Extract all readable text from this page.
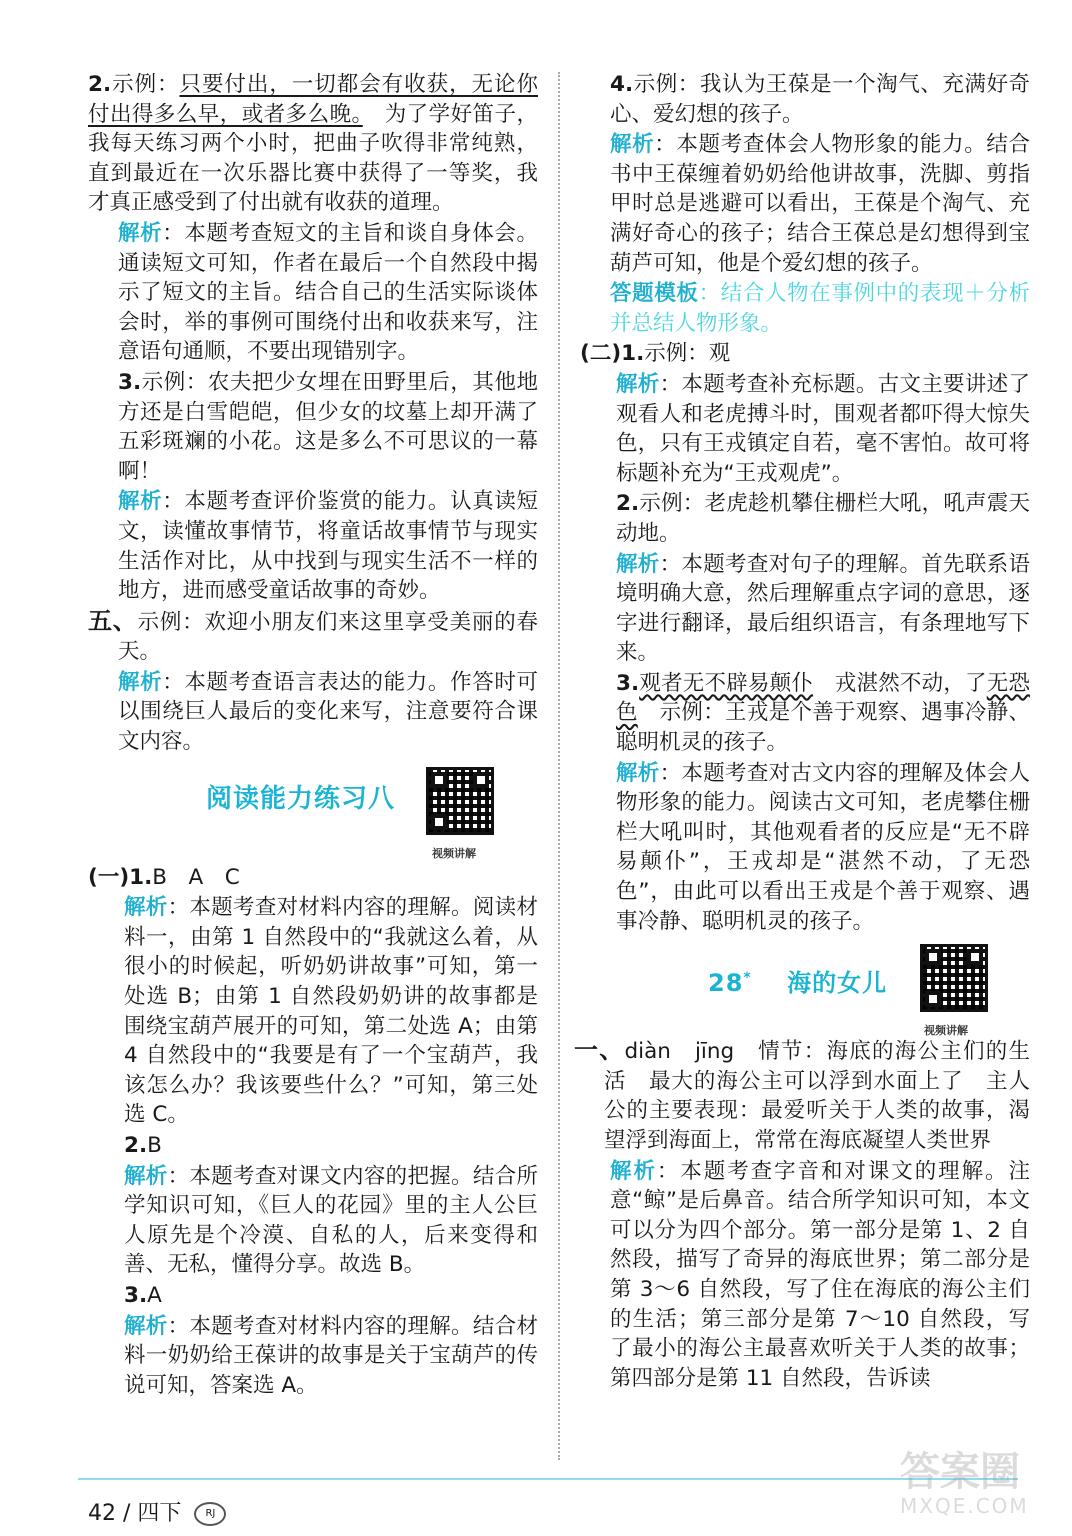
2.示例：只要付出，一切都会有收获，无论你付出得多么早，或者多么晚。　为了学好笛子，我每天练习两个小时，把曲子吹得非常纯熟，直到最近在一次乐器比赛中获得了一等奖，我才真正感受到了付出就有收获的道理。

解析：本题考查短文的主旨和谈自身体会。通读短文可知，作者在最后一个自然段中揭示了短文的主旨。结合自己的生活实际谈体会时，举的事例可围绕付出和收获来写，注意语句通顺，不要出现错别字。

3.示例：农夫把少女埋在田野里后，其他地方还是白雪皑皑，但少女的坟墓上却开满了五彩斑斓的小花。这是多么不可思议的一幕啊！

解析：本题考查评价鉴赏的能力。认真读短文，读懂故事情节，将童话故事情节与现实生活作对比，从中找到与现实生活不一样的地方，进而感受童话故事的奇妙。

五、示例：欢迎小朋友们来这里享受美丽的春天。

解析：本题考查语言表达的能力。作答时可以围绕巨人最后的变化来写，注意要符合课文内容。

阅读能力练习八
视频讲解

(一)1.B　A　C

解析：本题考查对材料内容的理解。阅读材料一，由第 1 自然段中的“我就这么着，从很小的时候起，听奶奶讲故事”可知，第一处选 B；由第 1 自然段奶奶讲的故事都是围绕宝葫芦展开的可知，第二处选 A；由第 4 自然段中的“我要是有了一个宝葫芦，我该怎么办？我该要些什么？”可知，第三处选 C。

2.B

解析：本题考查对课文内容的把握。结合所学知识可知，《巨人的花园》里的主人公巨人原先是个冷漠、自私的人，后来变得和善、无私，懂得分享。故选 B。

3.A

解析：本题考查对材料内容的理解。结合材料一奶奶给王葆讲的故事是关于宝葫芦的传说可知，答案选 A。

4.示例：我认为王葆是一个淘气、充满好奇心、爱幻想的孩子。

解析：本题考查体会人物形象的能力。结合书中王葆缠着奶奶给他讲故事，洗脚、剪指甲时总是逃避可以看出，王葆是个淘气、充满好奇心的孩子；结合王葆总是幻想得到宝葫芦可知，他是个爱幻想的孩子。

答题模板：结合人物在事例中的表现＋分析并总结人物形象。

(二)1.示例：观

解析：本题考查补充标题。古文主要讲述了观看人和老虎搏斗时，围观者都吓得大惊失色，只有王戎镇定自若，毫不害怕。故可将标题补充为“王戎观虎”。

2.示例：老虎趁机攀住栅栏大吼，吼声震天动地。

解析：本题考查对句子的理解。首先联系语境明确大意，然后理解重点字词的意思，逐字进行翻译，最后组织语言，有条理地写下来。

3.观者无不辟易颠仆　戎湛然不动，了无恐色　示例：王戎是个善于观察、遇事冷静、聪明机灵的孩子。

解析：本题考查对古文内容的理解及体会人物形象的能力。阅读古文可知，老虎攀住栅栏大吼叫时，其他观看者的反应是“无不辟易颠仆”，王戎却是“湛然不动，了无恐色”，由此可以看出王戎是个善于观察、遇事冷静、聪明机灵的孩子。

28* 海的女儿
视频讲解

一、diàn　jīng　情节：海底的海公主们的生活　最大的海公主可以浮到水面上了　主人公的主要表现：最爱听关于人类的故事，渴望浮到海面上，常常在海底凝望人类世界

解析：本题考查字音和对课文的理解。注意“鲸”是后鼻音。结合所学知识可知，本文可以分为四个部分。第一部分是第 1、2 自然段，描写了奇异的海底世界；第二部分是第 3～6 自然段，写了住在海底的海公主们的生活；第三部分是第 7～10 自然段，写了最小的海公主最喜欢听关于人类的故事；第四部分是第 11 自然段，告诉读

42 / 四下 RJ
答案圈
MXQE.COM
